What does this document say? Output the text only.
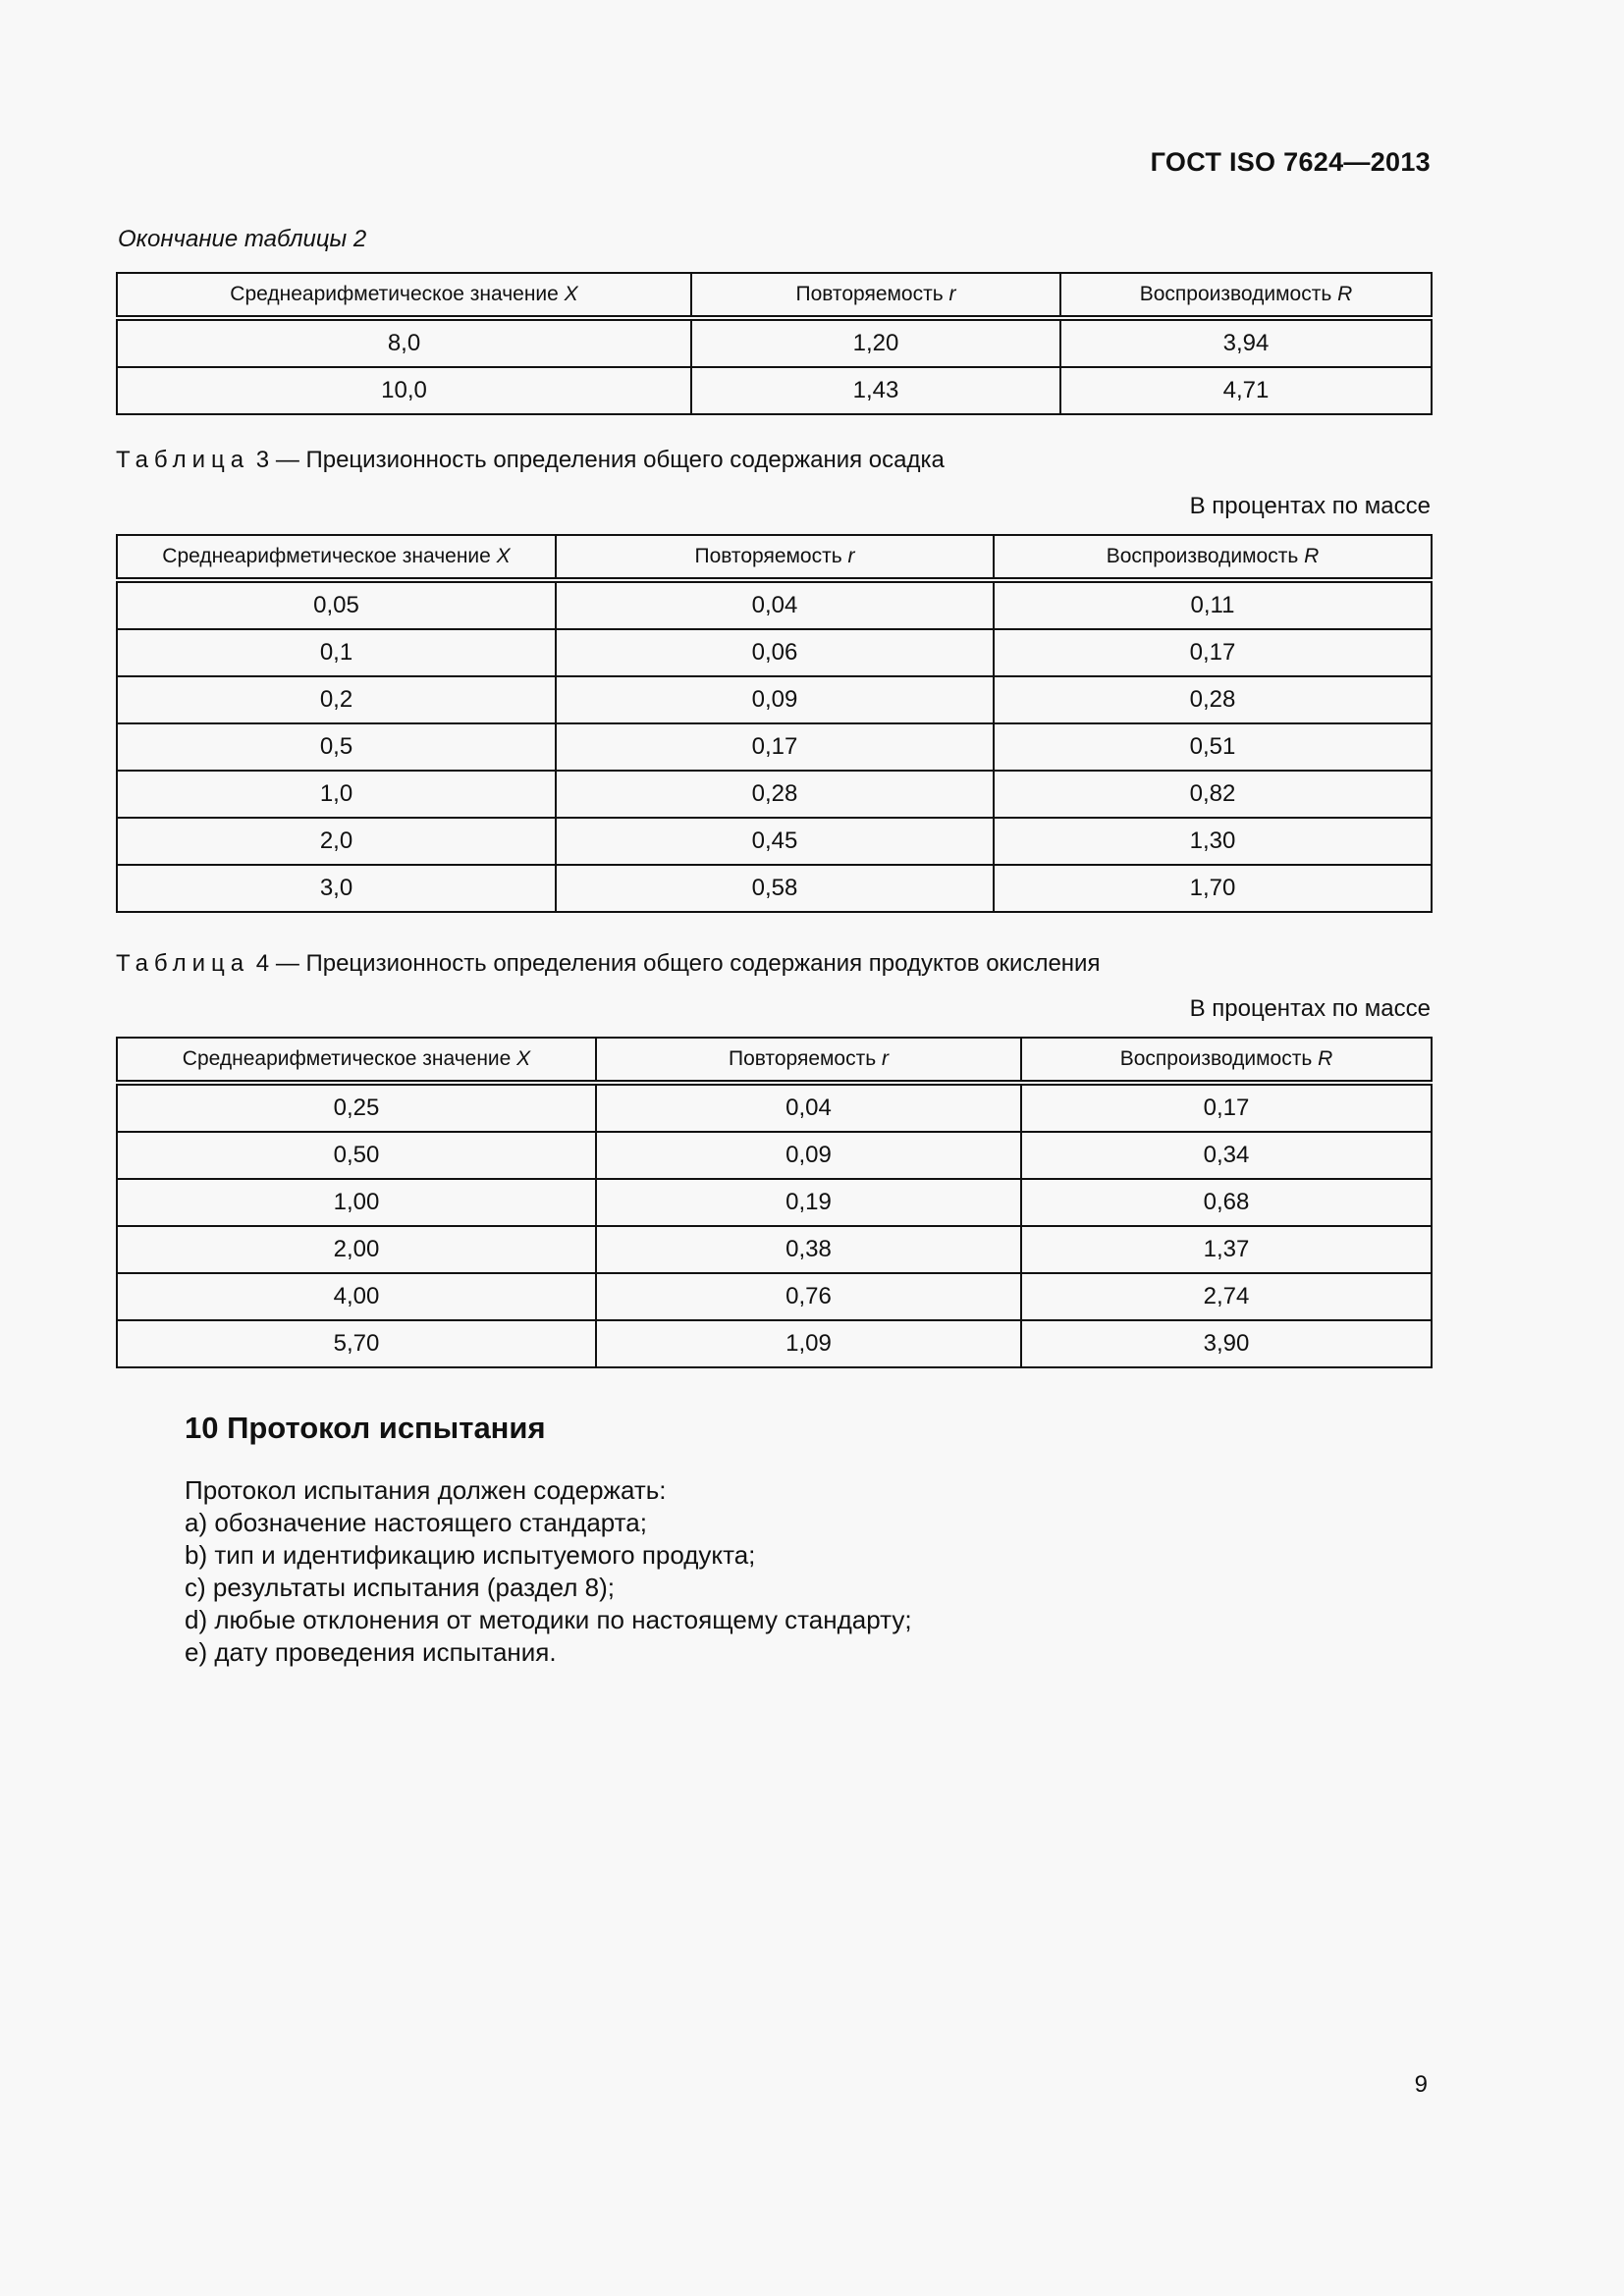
ГОСТ ISO 7624—2013
Окончание таблицы 2
Среднеарифметическое значение X	Повторяемость r	Воспроизводимость R
8,0	1,20	3,94
10,0	1,43	4,71
Таблица 3 — Прецизионность определения общего содержания осадка
В процентах по массе
Среднеарифметическое значение X	Повторяемость r	Воспроизводимость R
0,05	0,04	0,11
0,1	0,06	0,17
0,2	0,09	0,28
0,5	0,17	0,51
1,0	0,28	0,82
2,0	0,45	1,30
3,0	0,58	1,70
Таблица 4 — Прецизионность определения общего содержания продуктов окисления
В процентах по массе
Среднеарифметическое значение X	Повторяемость r	Воспроизводимость R
0,25	0,04	0,17
0,50	0,09	0,34
1,00	0,19	0,68
2,00	0,38	1,37
4,00	0,76	2,74
5,70	1,09	3,90
10 Протокол испытания

Протокол испытания должен содержать:

a) обозначение настоящего стандарта;

b) тип и идентификацию испытуемого продукта;

c) результаты испытания (раздел 8);

d) любые отклонения от методики по настоящему стандарту;

e) дату проведения испытания.

9
